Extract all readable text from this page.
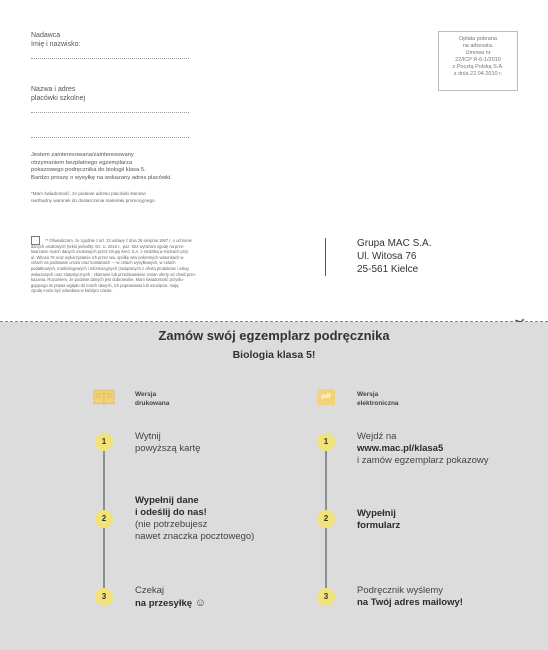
Nadawca
Imię i nazwisko:
Nazwa i adres
placówki szkolnej
Jestem zainteresowana/zainteresowany
otrzymaniem bezpłatnego egzemplarza
pokazowego podręcznika do biologii klasa 5.
Bardzo proszę o wysyłkę na wskazany adres placówki.
*Mam świadomość, że podanie adresu placówki stanowi
niezbędny warunek do dostarczenia materiału promocyjnego.
** Oświadczam, że zgodnie z art. 23 ustawy z dnia 29 sierpnia 1997 r. o ochronie
danych osobowych (tekst jednolity: Dz. U. 2016 r., poz. 922 wyrażam zgodę na prze-
twarzanie moich danych osobowych przez Grupę MAC S.A. z siedzibą w Kielcach przy
ul. Witosa 76 oraz wykorzystanie ich przez ww. spółkę w/w pokretnych warunkach w
celach na podstawie umów oraz kontaktach — w celach wysyłkowych, w celach
podatkowych, marketingowych i informacyjnych (związanych z ofertą produktów i usług
wskazanych oraz statystycznych - zbieranie lub przedstawienie zmian oferty od chwili prze-
kazania. Rozumiem, że podanie danych jest dobrowolne. Mam świadomość przysłu-
gującego mi prawa wglądu do moich danych, ich poprawiania lub usunięcia, mają
zgodę może być odwołana w każdym czasie.
Opłata pobrana
na adresata.
Umowa nr
22/ICP R-6-1/2010
z Pocztą Polską S.A.
z dnia 22.04.2010 r.
Grupa MAC S.A.
Ul. Witosa 76
25-561 Kielce
Zamów swój egzemplarz podręcznika
Biologia klasa 5!
Wersja
drukowana
1
2
3
Wytnij
powyższą kartę
Wypełnij dane
i odeślij do nas!
(nie potrzebujesz
nawet znaczka pocztowego)
Czekaj
na przesyłkę ☺
pdf	Wersja
elektroniczna
1
2
3
Wejdź na
www.mac.pl/klasa5
i zamów egzemplarz pokazowy
Wypełnij
formularz
Podręcznik wyślemy
na Twój adres mailowy!
